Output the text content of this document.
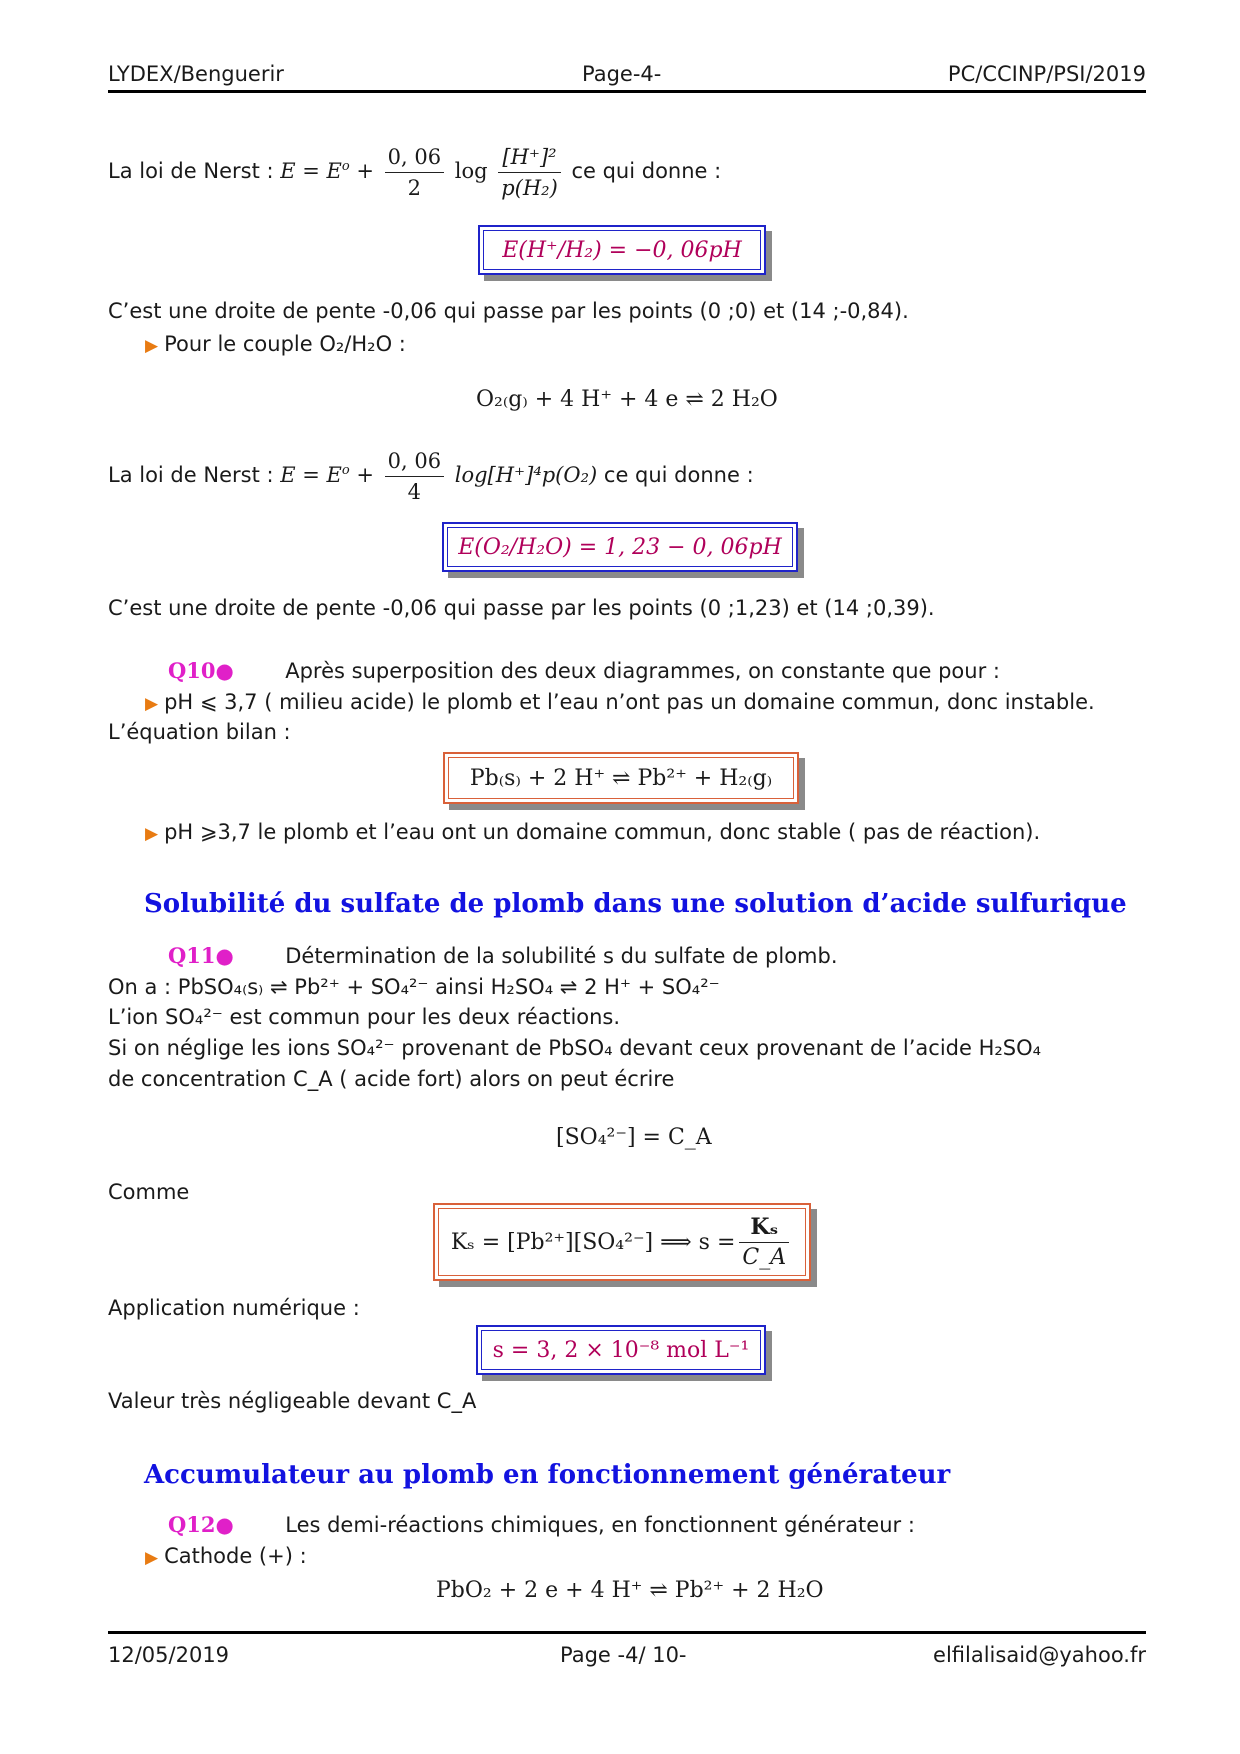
LYDEX/Benguerir	Page-4-	PC/CCINP/PSI/2019
La loi de Nerst : $E = E^o + \frac{0, 06}{2}$ $\log \frac{\text{[H⁺]²}}{\text{p(H₂)}}$ ce qui donne :
E(H⁺/H₂) = −0, 06pH
C’est une droite de pente -0,06 qui passe par les points (0 ;0) et (14 ;-0,84).
▶ Pour le couple O₂/H₂O :
O₂₍g₎ + 4 H⁺ + 4 e ⇌ 2 H₂O
La loi de Nerst : $E = E^o + \frac{0, 06}{4} \log[H^+]^4p(O_2)$ ce qui donne :
E(O₂/H₂O) = 1, 23 − 0, 06pH
C’est une droite de pente -0,06 qui passe par les points (0 ;1,23) et (14 ;0,39).
Q10● Après superposition des deux diagrammes, on constante que pour :
▶ pH ⩽ 3,7 ( milieu acide) le plomb et l’eau n’ont pas un domaine commun, donc instable.
L’équation bilan :
Pb₍s₎ + 2 H⁺ ⇌ Pb²⁺ + H₂₍g₎
▶ pH ⩾3,7 le plomb et l’eau ont un domaine commun, donc stable ( pas de réaction).
Solubilité du sulfate de plomb dans une solution d’acide sulfurique
Q11● Détermination de la solubilité s du sulfate de plomb.
On a : PbSO₄₍s₎ ⇌ Pb²⁺ + SO₄²⁻ ainsi H₂SO₄ ⇌ 2 H⁺ + SO₄²⁻
L’ion SO₄²⁻ est commun pour les deux réactions.
Si on néglige les ions SO₄²⁻ provenant de PbSO₄ devant ceux provenant de l’acide H₂SO₄
de concentration C_A ( acide fort) alors on peut écrire
[SO₄²⁻] = C_A
Comme
Kₛ = [Pb²⁺][SO₄²⁻] ⟹ $s = \frac{\text{Kₛ}}{C\_A}$
Application numérique :
s = 3, 2 × 10⁻⁸ mol L⁻¹
Valeur très négligeable devant C_A
Accumulateur au plomb en fonctionnement générateur
Q12● Les demi-réactions chimiques, en fonctionnent générateur :
▶ Cathode (+) :
PbO₂ + 2 e + 4 H⁺ ⇌ Pb²⁺ + 2 H₂O
12/05/2019	Page -4/ 10-	elfilalisaid@yahoo.fr
